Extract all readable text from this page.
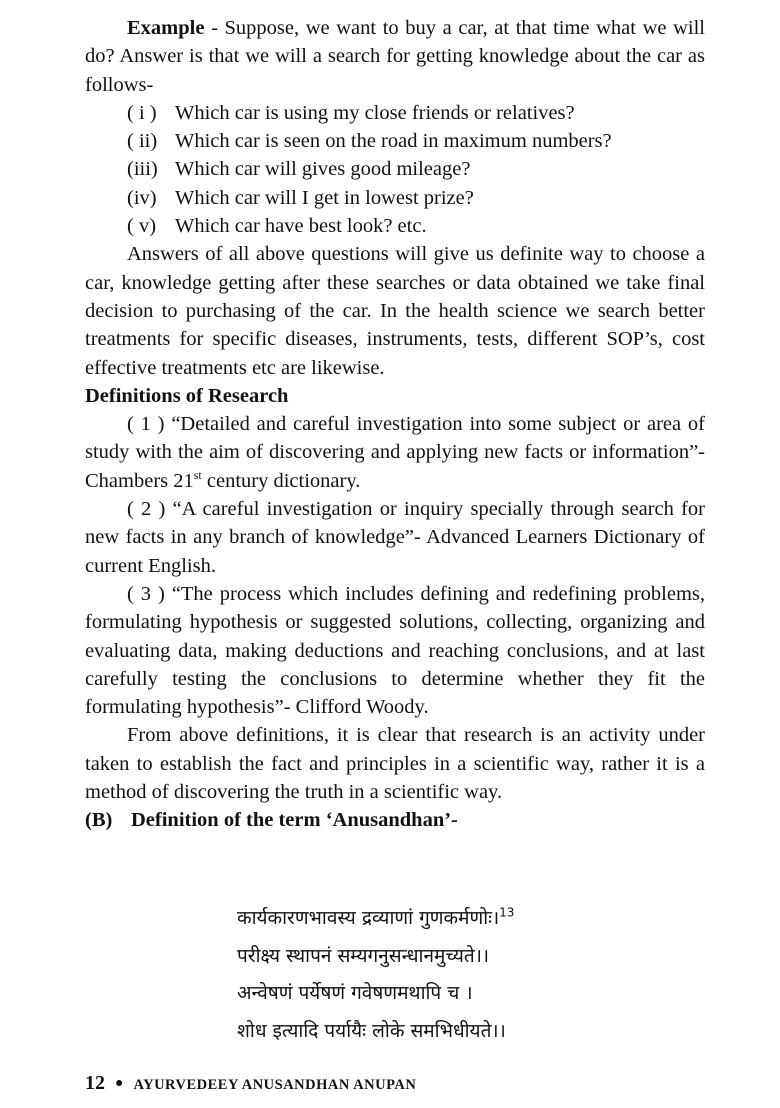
Example - Suppose, we want to buy a car, at that time what we will do? Answer is that we will a search for getting knowledge about the car as follows-

( i ) Which car is using my close friends or relatives?
( ii) Which car is seen on the road in maximum numbers?
(iii) Which car will gives good mileage?
(iv) Which car will I get in lowest prize?
( v) Which car have best look? etc.

Answers of all above questions will give us definite way to choose a car, knowledge getting after these searches or data obtained we take final decision to purchasing of the car. In the health science we search better treatments for specific diseases, instruments, tests, different SOP’s, cost effective treatments etc are likewise.

Definitions of Research

( 1 ) “Detailed and careful investigation into some subject or area of study with the aim of discovering and applying new facts or information”- Chambers 21st century dictionary.

( 2 ) “A careful investigation or inquiry specially through search for new facts in any branch of knowledge”- Advanced Learners Dictionary of current English.

( 3 ) “The process which includes defining and redefining problems, formulating hypothesis or suggested solutions, collecting, organizing and evaluating data, making deductions and reaching conclusions, and at last carefully testing the conclusions to determine whether they fit the formulating hypothesis”- Clifford Woody.

From above definitions, it is clear that research is an activity under taken to establish the fact and principles in a scientific way, rather it is a method of discovering the truth in a scientific way.

(B) Definition of the term ‘Anusandhan’-

कार्यकारणभावस्य द्रव्याणां गुणकर्मणोः।$^{13}$
परीक्ष्य स्थापनं सम्यगनुसन्धानमुच्यते।।
अन्वेषणं पर्येषणं गवेषणमथापि च ।
शोध इत्यादि पर्यायैः लोके समभिधीयते।।
12 ● AYURVEDEEY ANUSANDHAN ANUPAN
